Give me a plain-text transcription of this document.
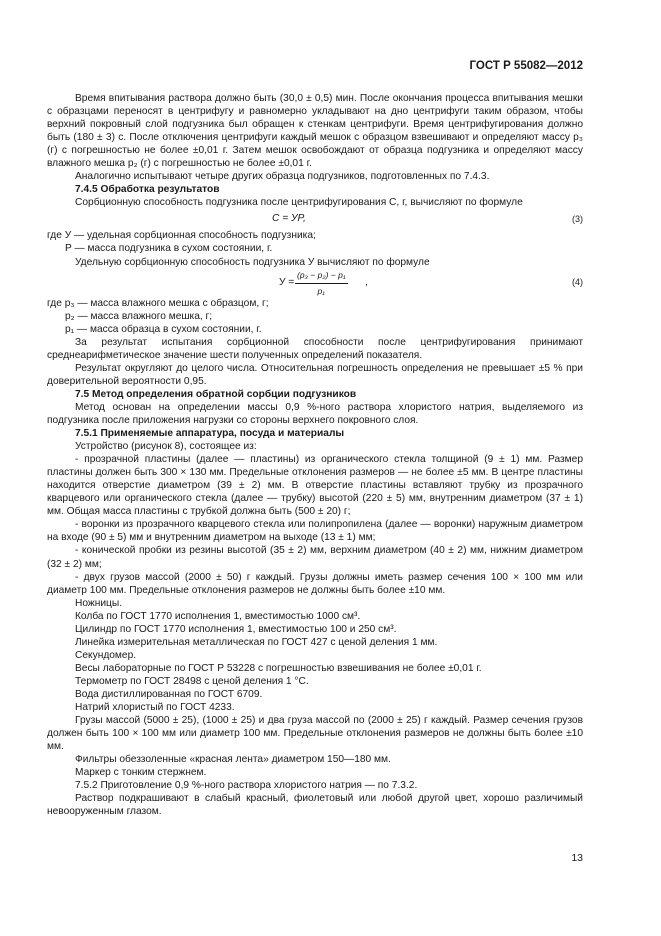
ГОСТ Р 55082—2012

Время впитывания раствора должно быть (30,0 ± 0,5) мин. После окончания процесса впитывания мешки с образцами переносят в центрифугу и равномерно укладывают на дно центрифуги таким образом, чтобы верхний покровный слой подгузника был обращен к стенкам центрифуги. Время центрифугирования должно быть (180 ± 3) с. После отключения центрифуги каждый мешок с образцом взвешивают и определяют массу p₃ (г) с погрешностью не более ±0,01 г. Затем мешок освобождают от образца подгузника и определяют массу влажного мешка p₂ (г) с погрешностью не более ±0,01 г.

Аналогично испытывают четыре других образца подгузников, подготовленных по 7.4.3.

7.4.5 Обработка результатов

Сорбционную способность подгузника после центрифугирования C, г, вычисляют по формуле

C = УP,	(3)

где У — удельная сорбционная способность подгузника;

P — масса подгузника в сухом состоянии, г.

Удельную сорбционную способность подгузника У вычисляют по формуле

$У = \frac{\text{(p₃ − p₂) − p₁}}{\text{p₁}}$ ,	(4)

где p₃ — масса влажного мешка с образцом, г;

p₂ — масса влажного мешка, г;

p₁ — масса образца в сухом состоянии, г.

За результат испытания сорбционной способности после центрифугирования принимают среднеарифметическое значение шести полученных определений показателя.

Результат округляют до целого числа. Относительная погрешность определения не превышает ±5 % при доверительной вероятности 0,95.

7.5 Метод определения обратной сорбции подгузников

Метод основан на определении массы 0,9 %-ного раствора хлористого натрия, выделяемого из подгузника после приложения нагрузки со стороны верхнего покровного слоя.

7.5.1 Применяемые аппаратура, посуда и материалы

Устройство (рисунок 8), состоящее из:

- прозрачной пластины (далее — пластины) из органического стекла толщиной (9 ± 1) мм. Размер пластины должен быть 300 × 130 мм. Предельные отклонения размеров — не более ±5 мм. В центре пластины находится отверстие диаметром (39 ± 2) мм. В отверстие пластины вставляют трубку из прозрачного кварцевого или органического стекла (далее — трубку) высотой (220 ± 5) мм, внутренним диаметром (37 ± 1) мм. Общая масса пластины с трубкой должна быть (500 ± 20) г;

- воронки из прозрачного кварцевого стекла или полипропилена (далее — воронки) наружным диаметром на входе (90 ± 5) мм и внутренним диаметром на выходе (13 ± 1) мм;

- конической пробки из резины высотой (35 ± 2) мм, верхним диаметром (40 ± 2) мм, нижним диаметром (32 ± 2) мм;

- двух грузов массой (2000 ± 50) г каждый. Грузы должны иметь размер сечения 100 × 100 мм или диаметр 100 мм. Предельные отклонения размеров не должны быть более ±10 мм.

Ножницы.

Колба по ГОСТ 1770 исполнения 1, вместимостью 1000 см³.

Цилиндр по ГОСТ 1770 исполнения 1, вместимостью 100 и 250 см³.

Линейка измерительная металлическая по ГОСТ 427 с ценой деления 1 мм.

Секундомер.

Весы лабораторные по ГОСТ Р 53228 с погрешностью взвешивания не более ±0,01 г.

Термометр по ГОСТ 28498 с ценой деления 1 °С.

Вода дистиллированная по ГОСТ 6709.

Натрий хлористый по ГОСТ 4233.

Грузы массой (5000 ± 25), (1000 ± 25) и два груза массой по (2000 ± 25) г каждый. Размер сечения грузов должен быть 100 × 100 мм или диаметр 100 мм. Предельные отклонения размеров не должны быть более ±10 мм.

Фильтры обеззоленные «красная лента» диаметром 150—180 мм.

Маркер с тонким стержнем.

7.5.2 Приготовление 0,9 %-ного раствора хлористого натрия — по 7.3.2.

Раствор подкрашивают в слабый красный, фиолетовый или любой другой цвет, хорошо различимый невооруженным глазом.

13
